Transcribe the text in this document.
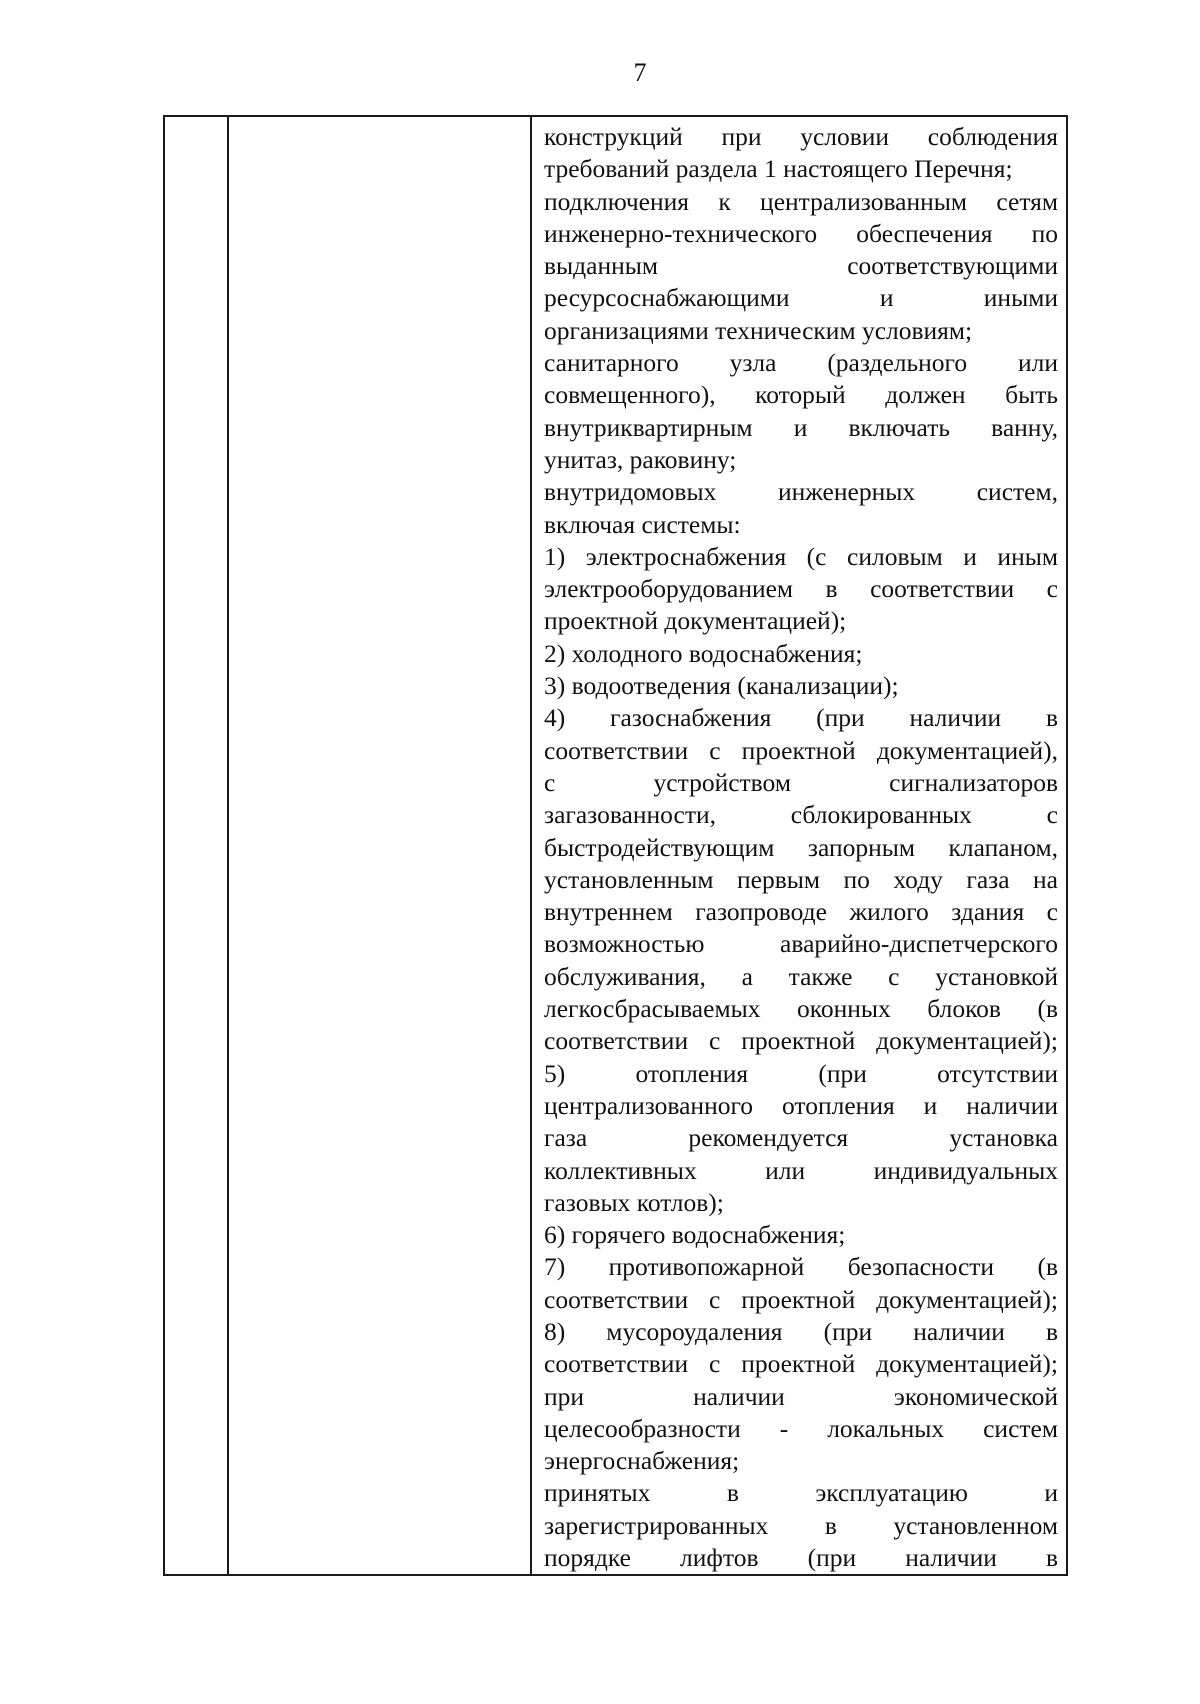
7
конструкций при условии соблюдения
требований раздела 1 настоящего Перечня;
подключения к централизованным сетям
инженерно-технического обеспечения по
выданным соответствующими
ресурсоснабжающими и иными
организациями техническим условиям;
санитарного узла (раздельного или
совмещенного), который должен быть
внутриквартирным и включать ванну,
унитаз, раковину;
внутридомовых инженерных систем,
включая системы:
1) электроснабжения (с силовым и иным
электрооборудованием в соответствии с
проектной документацией);
2) холодного водоснабжения;
3) водоотведения (канализации);
4) газоснабжения (при наличии в
соответствии с проектной документацией),
с устройством сигнализаторов
загазованности, сблокированных с
быстродействующим запорным клапаном,
установленным первым по ходу газа на
внутреннем газопроводе жилого здания с
возможностью аварийно-диспетчерского
обслуживания, а также с установкой
легкосбрасываемых оконных блоков (в
соответствии с проектной документацией);
5) отопления (при отсутствии
централизованного отопления и наличии
газа рекомендуется установка
коллективных или индивидуальных
газовых котлов);
6) горячего водоснабжения;
7) противопожарной безопасности (в
соответствии с проектной документацией);
8) мусороудаления (при наличии в
соответствии с проектной документацией);
при наличии экономической
целесообразности - локальных систем
энергоснабжения;
принятых в эксплуатацию и
зарегистрированных в установленном
порядке лифтов (при наличии в
